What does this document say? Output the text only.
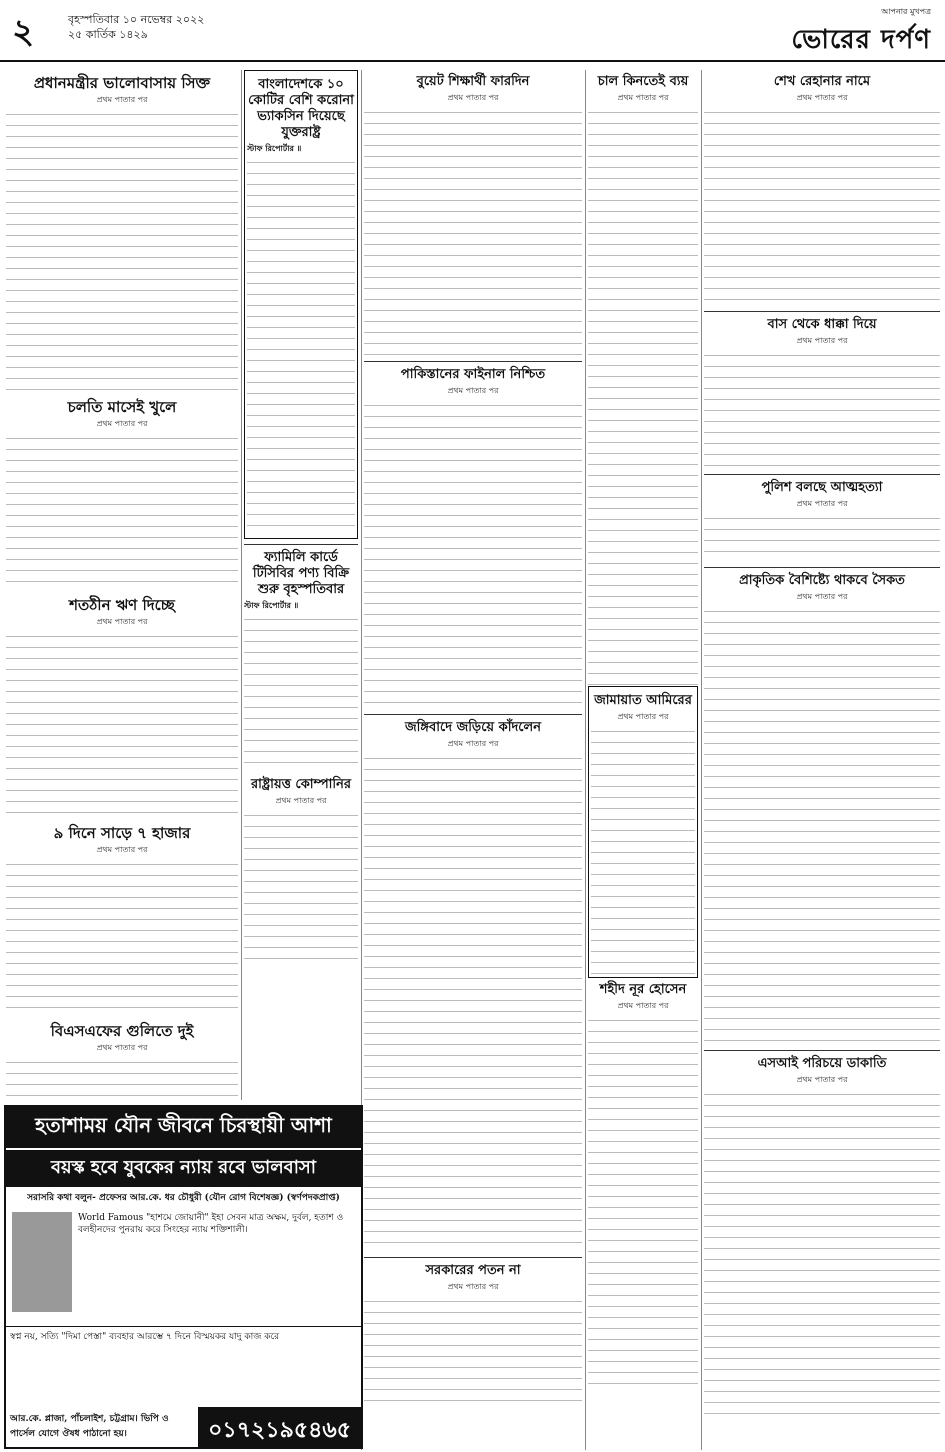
২	বৃহস্পতিবার ১০ নভেম্বর ২০২২
২৫ কার্তিক ১৪২৯
আপনার মুখপত্র
ভোরের দর্পণ
প্রধানমন্ত্রীর ভালোবাসায় সিক্ত
প্রথম পাতার পর
চলতি মাসেই খুলে
প্রথম পাতার পর
শতঠীন ঋণ দিচ্ছে
প্রথম পাতার পর
৯ দিনে সাড়ে ৭ হাজার
প্রথম পাতার পর
বিএসএফের গুলিতে দুই
প্রথম পাতার পর
বাংলাদেশকে ১০ কোটির বেশি করোনা ভ্যাকসিন দিয়েছে যুক্তরাষ্ট্র
স্টাফ রিপোর্টার ॥
ফ্যামিলি কার্ডে টিসিবির পণ্য বিক্রি শুরু বৃহস্পতিবার
স্টাফ রিপোর্টার ॥
রাষ্ট্রায়ত্ত কোম্পানির
প্রথম পাতার পর
বুয়েট শিক্ষার্থী ফারদিন
প্রথম পাতার পর
পাকিস্তানের ফাইনাল নিশ্চিত
প্রথম পাতার পর
জঙ্গিবাদে জড়িয়ে কাঁদলেন
প্রথম পাতার পর
সরকারের পতন না
প্রথম পাতার পর
চাল কিনতেই ব্যয়
প্রথম পাতার পর
জামায়াত আমিরের
প্রথম পাতার পর
শহীদ নূর হোসেন
প্রথম পাতার পর
শেখ রেহানার নামে
প্রথম পাতার পর
বাস থেকে ধাক্কা দিয়ে
প্রথম পাতার পর
পুলিশ বলছে আত্মহত্যা
প্রথম পাতার পর
প্রাকৃতিক বৈশিষ্ট্যে থাকবে সৈকত
প্রথম পাতার পর
এসআই পরিচয়ে ডাকাতি
প্রথম পাতার পর
হতাশাময় যৌন জীবনে চিরস্থায়ী আশা
বয়স্ক হবে যুবকের ন্যায় রবে ভালবাসা
সরাসরি কথা বলুন- প্রফেসর আর.কে. ধর চৌধুরী (যৌন রোগ বিশেষজ্ঞ) (স্বর্ণপদকপ্রাপ্ত)
World Famous "হাশমে জোয়ানী" ইহা সেবন মাত্র অক্ষম, দুর্বল, হতাশ ও বলহীনদের পুনরায় করে সিংহের ন্যায় শক্তিশালী।
স্বপ্ন নয়, সত্যি "দিমা পেস্তা" ব্যবহার আরম্ভে ৭ দিনে বিস্ময়কর যাদু কাজ করে
আর.কে. প্লাজা, পাঁচলাইশ, চট্টগ্রাম। ভিপি ও পার্সেল যোগে ঔষধ পাঠানো হয়।	০১৭২১৯৫৪৬৫
